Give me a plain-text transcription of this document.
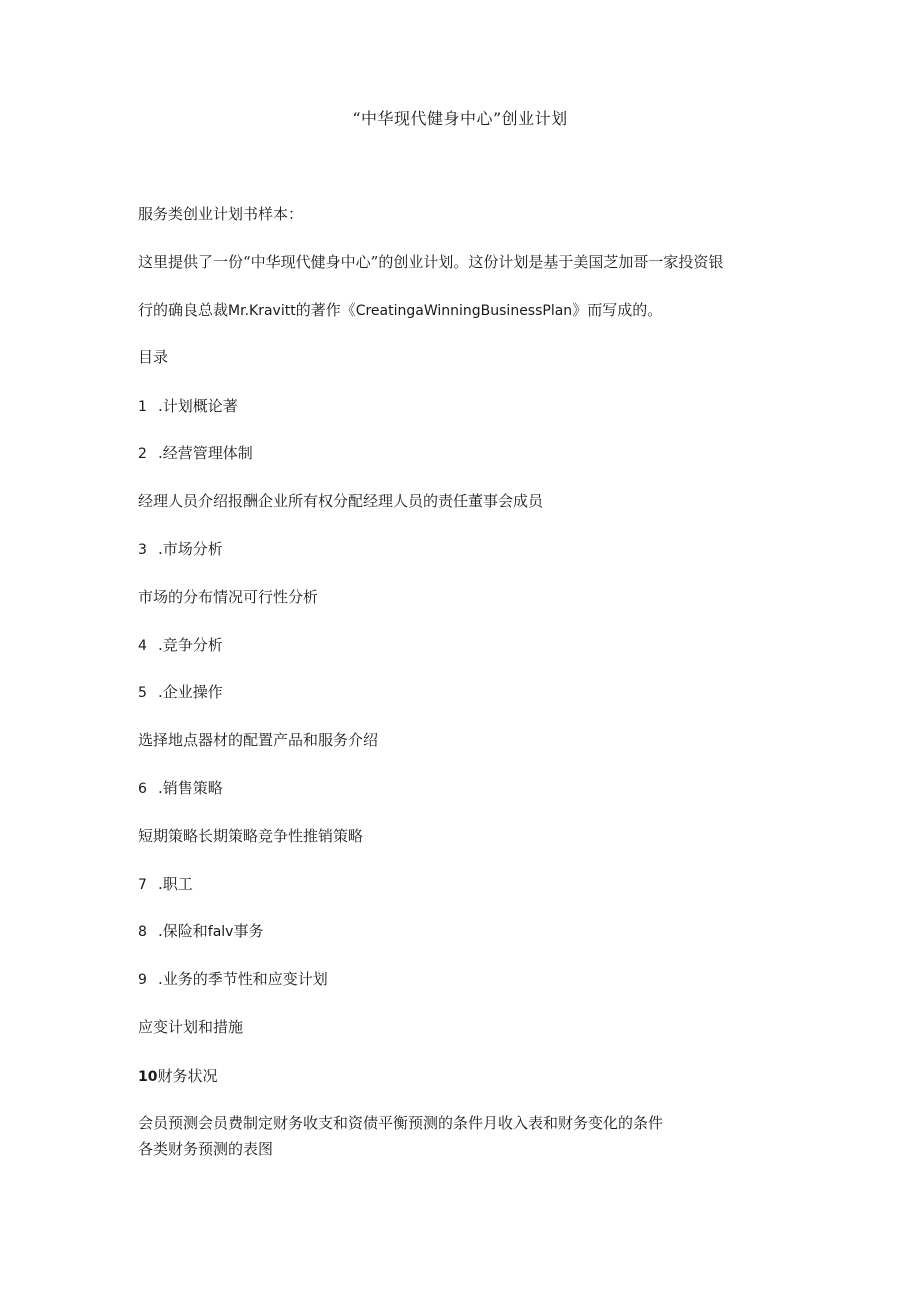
“中华现代健身中心”创业计划
服务类创业计划书样本：
这里提供了一份“中华现代健身中心”的创业计划。这份计划是基于美国芝加哥一家投资银
行的确良总裁Mr.Kravitt的著作《CreatingaWinningBusinessPlan》而写成的。
目录
1 .计划概论著
2 .经营管理体制
经理人员介绍报酬企业所有权分配经理人员的责任董事会成员
3 .市场分析
市场的分布情况可行性分析
4 .竞争分析
5 .企业操作
选择地点器材的配置产品和服务介绍
6 .销售策略
短期策略长期策略竞争性推销策略
7 .职工
8 .保险和falv事务
9 .业务的季节性和应变计划
应变计划和措施
10财务状况
会员预测会员费制定财务收支和资债平衡预测的条件月收入表和财务变化的条件
各类财务预测的表图
